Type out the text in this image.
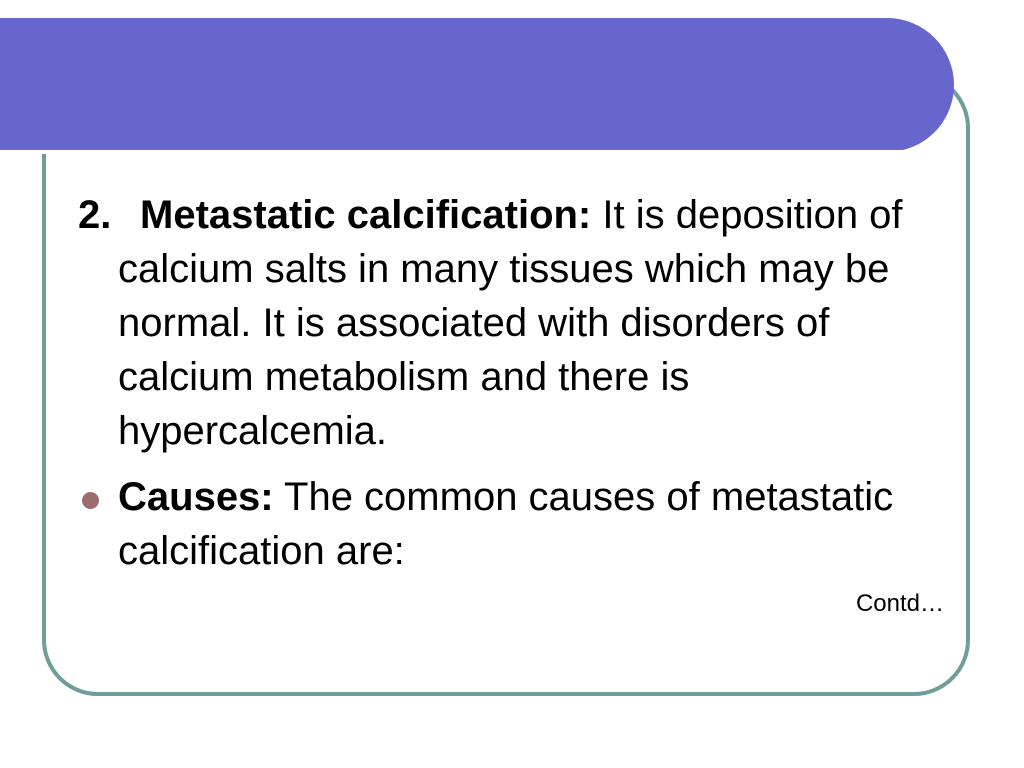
2. Metastatic calcification: It is deposition of calcium salts in many tissues which may be normal. It is associated with disorders of calcium metabolism and there is hypercalcemia.

Causes: The common causes of metastatic calcification are:

Contd…
